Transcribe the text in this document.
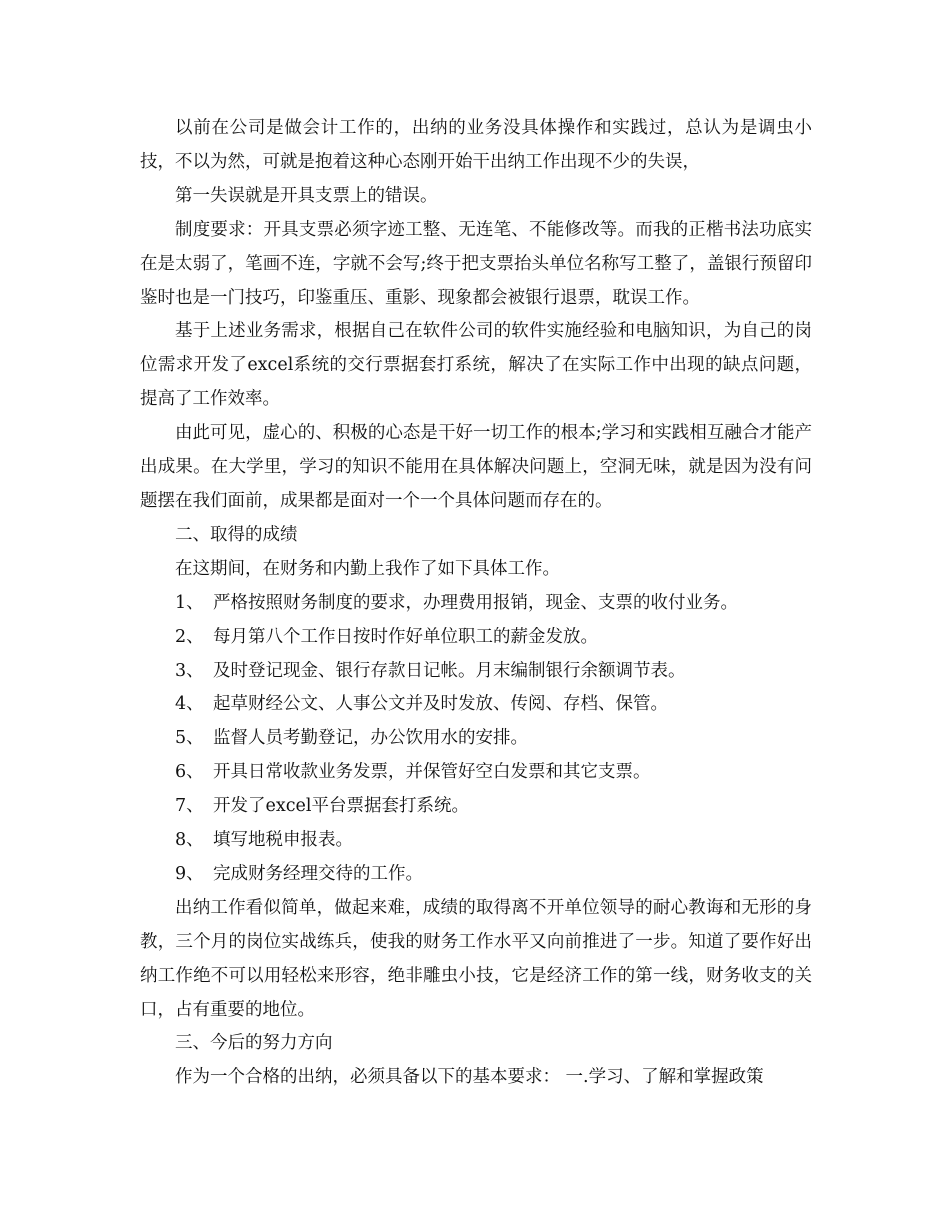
以前在公司是做会计工作的，出纳的业务没具体操作和实践过，总认为是调虫小技，不以为然，可就是抱着这种心态刚开始干出纳工作出现不少的失误，

第一失误就是开具支票上的错误。

制度要求：开具支票必须字迹工整、无连笔、不能修改等。而我的正楷书法功底实在是太弱了，笔画不连，字就不会写;终于把支票抬头单位名称写工整了，盖银行预留印鉴时也是一门技巧，印鉴重压、重影、现象都会被银行退票，耽误工作。

基于上述业务需求，根据自己在软件公司的软件实施经验和电脑知识，为自己的岗位需求开发了excel系统的交行票据套打系统，解决了在实际工作中出现的缺点问题，提高了工作效率。

由此可见，虚心的、积极的心态是干好一切工作的根本;学习和实践相互融合才能产出成果。在大学里，学习的知识不能用在具体解决问题上，空洞无味，就是因为没有问题摆在我们面前，成果都是面对一个一个具体问题而存在的。

二、取得的成绩

在这期间，在财务和内勤上我作了如下具体工作。

1、 严格按照财务制度的要求，办理费用报销，现金、支票的收付业务。
2、 每月第八个工作日按时作好单位职工的薪金发放。
3、 及时登记现金、银行存款日记帐。月末编制银行余额调节表。
4、 起草财经公文、人事公文并及时发放、传阅、存档、保管。
5、 监督人员考勤登记，办公饮用水的安排。
6、 开具日常收款业务发票，并保管好空白发票和其它支票。
7、 开发了excel平台票据套打系统。
8、 填写地税申报表。
9、 完成财务经理交待的工作。

出纳工作看似简单，做起来难，成绩的取得离不开单位领导的耐心教诲和无形的身教，三个月的岗位实战练兵，使我的财务工作水平又向前推进了一步。知道了要作好出纳工作绝不可以用轻松来形容，绝非雕虫小技，它是经济工作的第一线，财务收支的关口，占有重要的地位。

三、今后的努力方向

作为一个合格的出纳，必须具备以下的基本要求： 一.学习、了解和掌握政策
